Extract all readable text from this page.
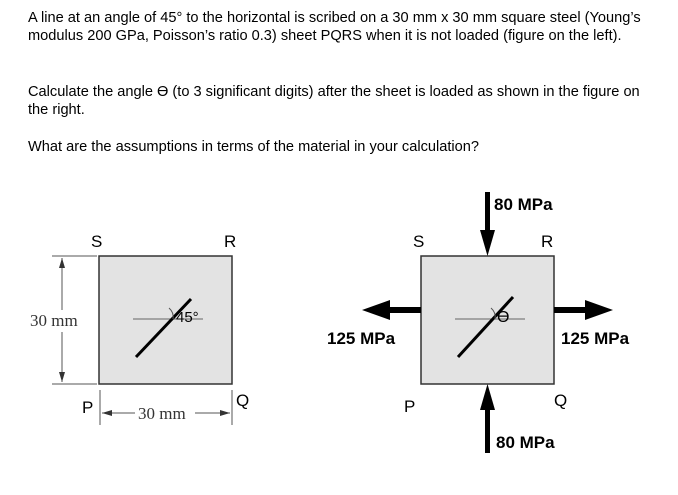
A line at an angle of 45° to the horizontal is scribed on a 30 mm x 30 mm square steel (Young’s modulus 200 GPa, Poisson’s ratio 0.3) sheet PQRS when it is not loaded (figure on the left).

Calculate the angle ϴ (to 3 significant digits) after the sheet is loaded as shown in the figure on the right.

What are the assumptions in terms of the material in your calculation?

S	R
P	Q
45°
30 mm
30 mm
S	R
P	Q
ϴ
80 MPa
80 MPa
125 MPa	125 MPa
